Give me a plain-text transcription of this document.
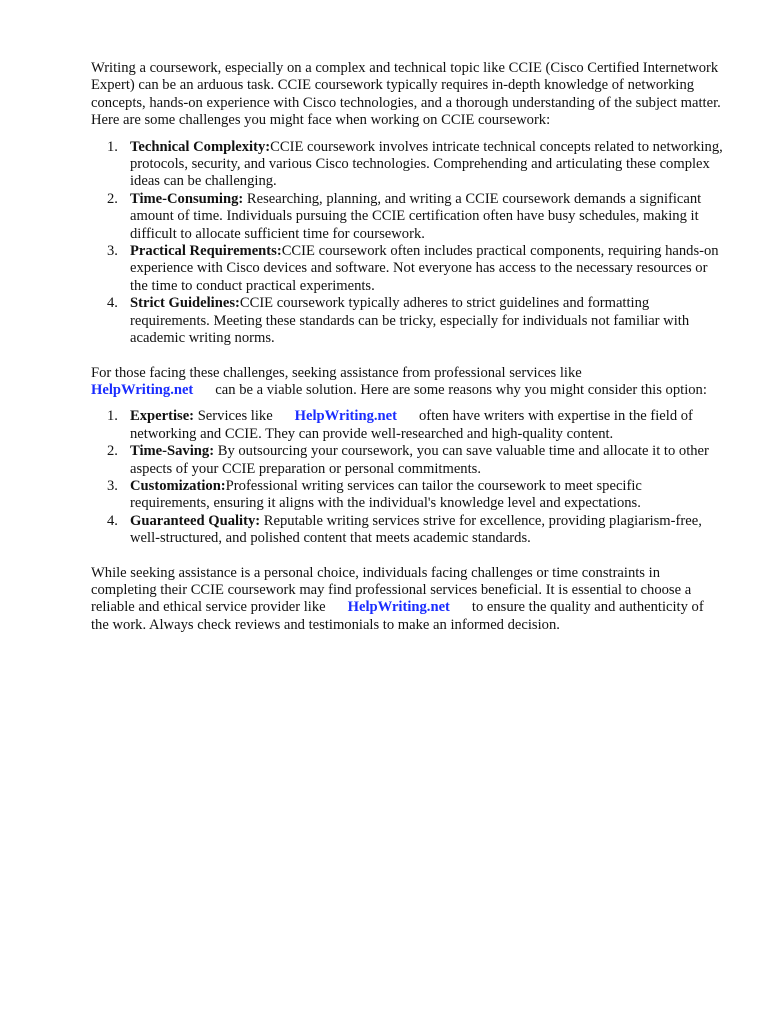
Writing a coursework, especially on a complex and technical topic like CCIE (Cisco Certified Internetwork Expert) can be an arduous task. CCIE coursework typically requires in-depth knowledge of networking concepts, hands-on experience with Cisco technologies, and a thorough understanding of the subject matter. Here are some challenges you might face when working on CCIE coursework:

1. Technical Complexity:CCIE coursework involves intricate technical concepts related to networking, protocols, security, and various Cisco technologies. Comprehending and articulating these complex ideas can be challenging.
2. Time-Consuming: Researching, planning, and writing a CCIE coursework demands a significant amount of time. Individuals pursuing the CCIE certification often have busy schedules, making it difficult to allocate sufficient time for coursework.
3. Practical Requirements:CCIE coursework often includes practical components, requiring hands-on experience with Cisco devices and software. Not everyone has access to the necessary resources or the time to conduct practical experiments.
4. Strict Guidelines:CCIE coursework typically adheres to strict guidelines and formatting requirements. Meeting these standards can be tricky, especially for individuals not familiar with academic writing norms.

For those facing these challenges, seeking assistance from professional services like
HelpWriting.net can be a viable solution. Here are some reasons why you might consider this option:

1. Expertise: Services like HelpWriting.net often have writers with expertise in the field of networking and CCIE. They can provide well-researched and high-quality content.
2. Time-Saving: By outsourcing your coursework, you can save valuable time and allocate it to other aspects of your CCIE preparation or personal commitments.
3. Customization:Professional writing services can tailor the coursework to meet specific requirements, ensuring it aligns with the individual's knowledge level and expectations.
4. Guaranteed Quality: Reputable writing services strive for excellence, providing plagiarism-free, well-structured, and polished content that meets academic standards.

While seeking assistance is a personal choice, individuals facing challenges or time constraints in completing their CCIE coursework may find professional services beneficial. It is essential to choose a reliable and ethical service provider like HelpWriting.net to ensure the quality and authenticity of the work. Always check reviews and testimonials to make an informed decision.
